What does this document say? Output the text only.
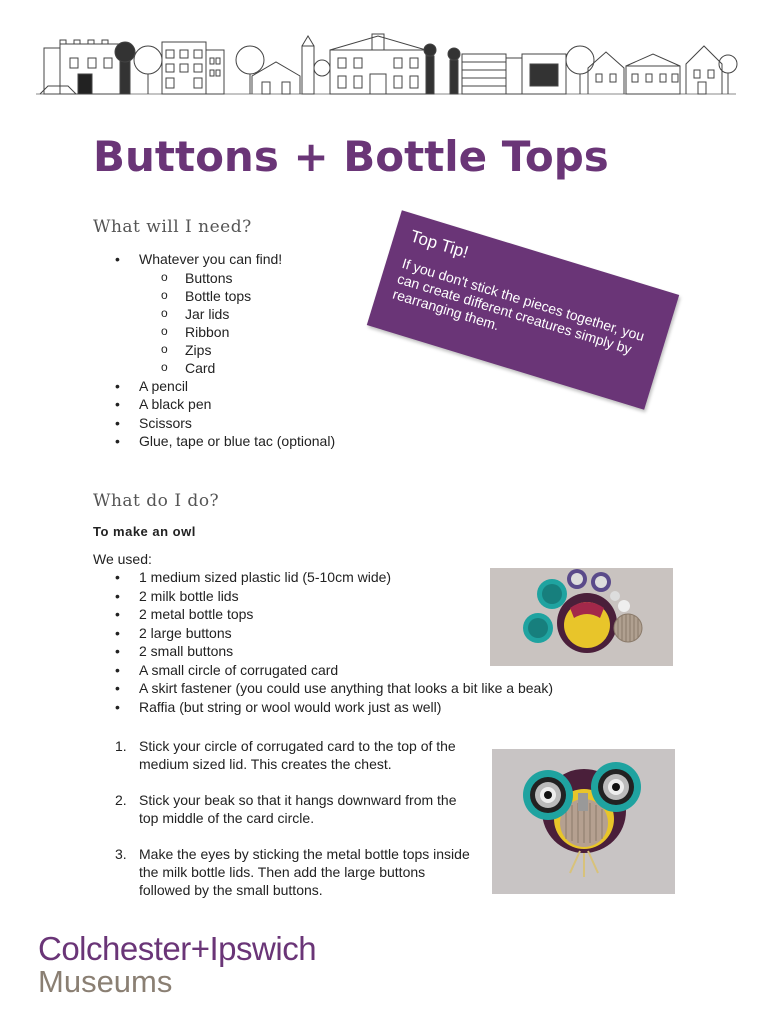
Buttons + Bottle Tops
What will I need?
• Whatever you can find!
o Buttons
o Bottle tops
o Jar lids
o Ribbon
o Zips
o Card
• A pencil
• A black pen
• Scissors
• Glue, tape or blue tac (optional)
Top Tip!
If you don't stick the pieces together, you can create different creatures simply by rearranging them.
What do I do?

To make an owl

We used:

• 1 medium sized plastic lid (5-10cm wide)
• 2 milk bottle lids
• 2 metal bottle tops
• 2 large buttons
• 2 small buttons
• A small circle of corrugated card
• A skirt fastener (you could use anything that looks a bit like a beak)
• Raffia (but string or wool would work just as well)
1. Stick your circle of corrugated card to the top of the medium sized lid. This creates the chest.
2. Stick your beak so that it hangs downward from the top middle of the card circle.
3. Make the eyes by sticking the metal bottle tops inside the milk bottle lids. Then add the large buttons followed by the small buttons.

Colchester+Ipswich

Museums
